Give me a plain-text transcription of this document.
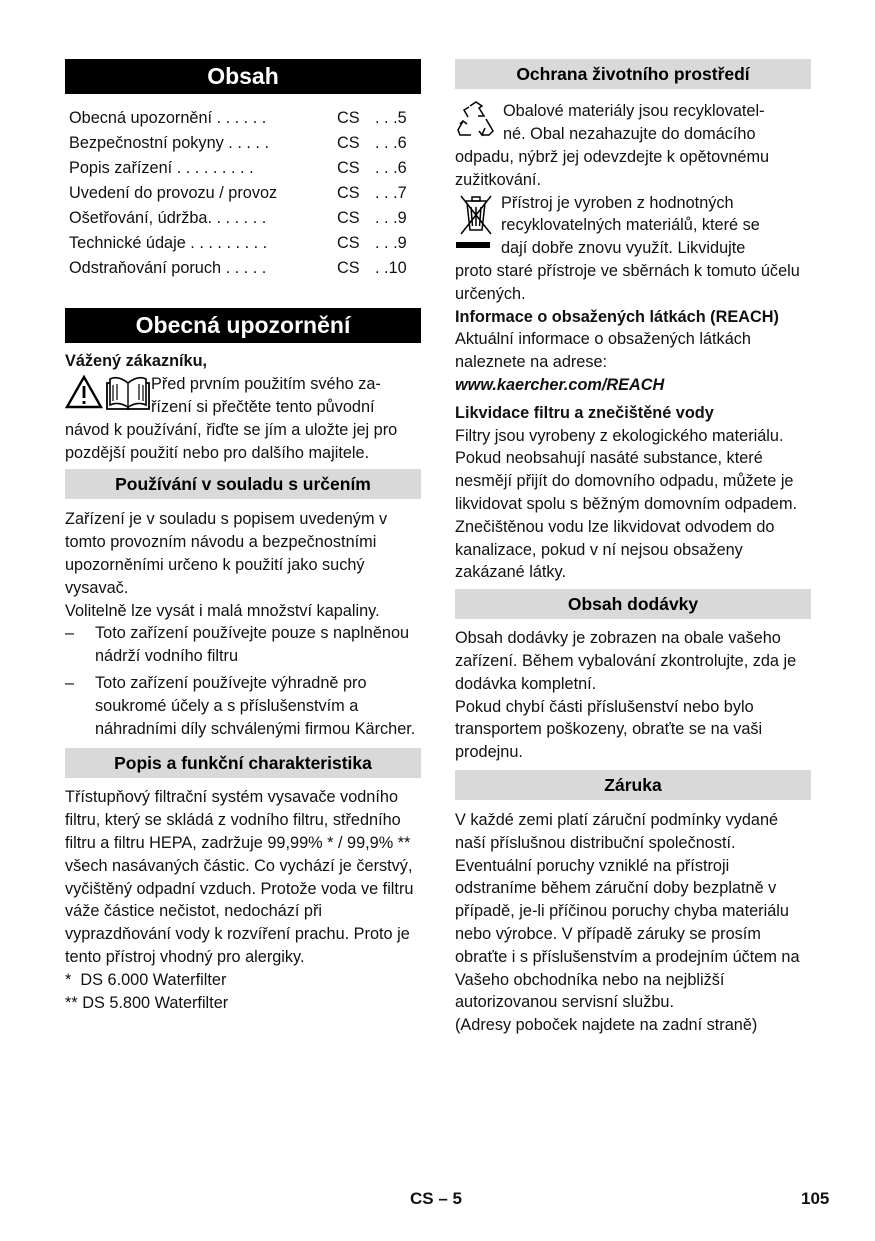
Obsah
Obecná upozornění . . . . . .	CS	. . .5
Bezpečnostní pokyny . . . . .	CS	. . .6
Popis zařízení . . . . . . . . .	CS	. . .6
Uvedení do provozu / provoz	CS	. . .7
Ošetřování, údržba. . . . . . .	CS	. . .9
Technické údaje . . . . . . . . .	CS	. . .9
Odstraňování poruch . . . . .	CS	. .10
Obecná upozornění
Vážený zákazníku,
Před prvním použitím svého za-
řízení si přečtěte tento původní
návod k používání, řiďte se jím a uložte jej pro pozdější použití nebo pro dalšího majitele.
Používání v souladu s určením
Zařízení je v souladu s popisem uvedeným v tomto provozním návodu a bezpečnostními upozorněními určeno k použití jako suchý vysavač.
Volitelně lze vysát i malá množství kapaliny.
– Toto zařízení používejte pouze s naplněnou nádrží vodního filtru
– Toto zařízení používejte výhradně pro soukromé účely a s příslušenstvím a náhradními díly schválenými firmou Kärcher.
Popis a funkční charakteristika
Třístupňový filtrační systém vysavače vodního filtru, který se skládá z vodního filtru, středního filtru a filtru HEPA, zadržuje 99,99% * / 99,9% ** všech nasávaných částic. Co vychází je čerstvý, vyčištěný odpadní vzduch. Protože voda ve filtru váže částice nečistot, nedochází při vyprazdňování vody k rozvíření prachu. Proto je tento přístroj vhodný pro alergiky.
*  DS 6.000 Waterfilter
** DS 5.800 Waterfilter
Ochrana životního prostředí
Obalové materiály jsou recyklovatel-
né. Obal nezahazujte do domácího
odpadu, nýbrž jej odevzdejte k opětovnému zužitkování.
Přístroj je vyroben z hodnotných
recyklovatelných materiálů, které se
dají dobře znovu využít. Likvidujte
proto staré přístroje ve sběrnách k tomuto účelu určených.
Informace o obsažených látkách (REACH)
Aktuální informace o obsažených látkách naleznete na adrese:
www.kaercher.com/REACH
Likvidace filtru a znečištěné vody
Filtry jsou vyrobeny z ekologického materiálu. Pokud neobsahují nasáté substance, které nesmějí přijít do domovního odpadu, můžete je likvidovat spolu s běžným domovním odpadem.
Znečištěnou vodu lze likvidovat odvodem do kanalizace, pokud v ní nejsou obsaženy zakázané látky.
Obsah dodávky
Obsah dodávky je zobrazen na obale vašeho zařízení. Během vybalování zkontrolujte, zda je dodávka kompletní.
Pokud chybí části příslušenství nebo bylo transportem poškozeny, obraťte se na vaši prodejnu.
Záruka
V každé zemi platí záruční podmínky vydané naší příslušnou distribuční společností. Eventuální poruchy vzniklé na přístroji odstraníme během záruční doby bezplatně v případě, je-li příčinou poruchy chyba materiálu nebo výrobce. V případě záruky se prosím obraťte i s příslušenstvím a prodejním účtem na Vašeho obchodníka nebo na nejbližší autorizovanou servisní službu.
(Adresy poboček najdete na zadní straně)
CS – 5	105
